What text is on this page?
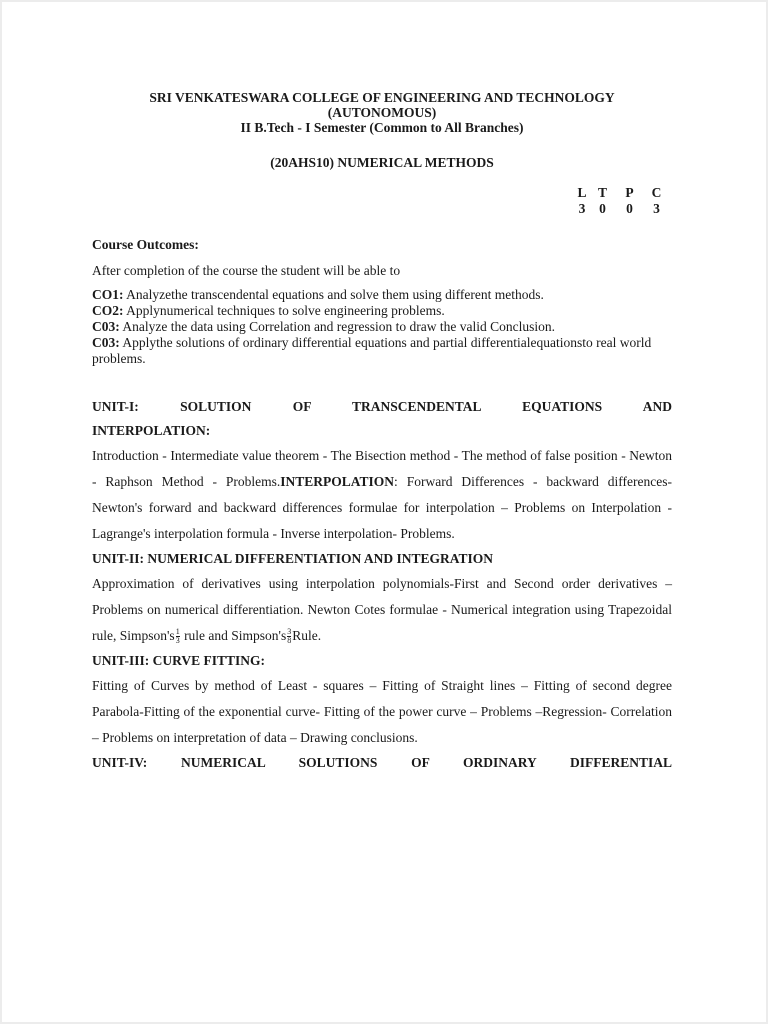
SRI VENKATESWARA COLLEGE OF ENGINEERING AND TECHNOLOGY
(AUTONOMOUS)
II B.Tech - I Semester (Common to All Branches)
(20AHS10) NUMERICAL METHODS
L T P C
3 0 0 3
Course Outcomes:

After completion of the course the student will be able to

CO1: Analyzethe transcendental equations and solve them using different methods.
CO2: Applynumerical techniques to solve engineering problems.
C03: Analyze the data using Correlation and regression to draw the valid Conclusion.
C03: Applythe solutions of ordinary differential equations and partial differentialequationsto real world problems.
UNIT-I: SOLUTION OF TRANSCENDENTAL EQUATIONS AND
INTERPOLATION:
Introduction - Intermediate value theorem - The Bisection method - The method of false position - Newton - Raphson Method - Problems.INTERPOLATION: Forward Differences - backward differences- Newton's forward and backward differences formulae for interpolation – Problems on Interpolation - Lagrange's interpolation formula - Inverse interpolation- Problems.
UNIT-II: NUMERICAL DIFFERENTIATION AND INTEGRATION
Approximation of derivatives using interpolation polynomials-First and Second order derivatives – Problems on numerical differentiation. Newton Cotes formulae - Numerical integration using Trapezoidal rule, Simpson's $\frac{1}{3}$ rule and Simpson's $\frac{3}{8}$ Rule.
UNIT-III: CURVE FITTING:
Fitting of Curves by method of Least - squares – Fitting of Straight lines – Fitting of second degree Parabola-Fitting of the exponential curve- Fitting of the power curve – Problems –Regression- Correlation – Problems on interpretation of data – Drawing conclusions.
UNIT-IV: NUMERICAL SOLUTIONS OF ORDINARY DIFFERENTIAL
